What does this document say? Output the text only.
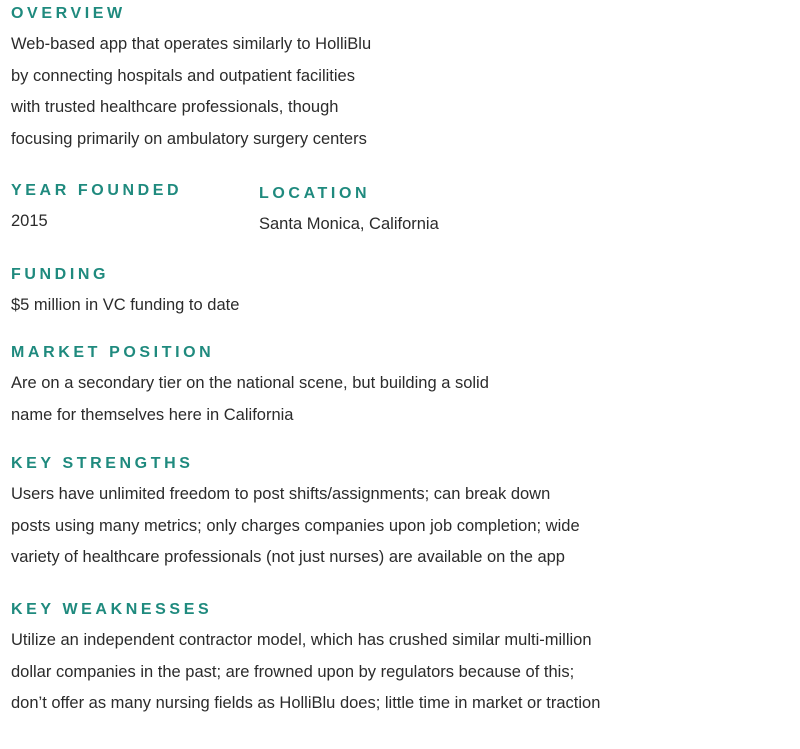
OVERVIEW
Web-based app that operates similarly to HolliBlu
by connecting hospitals and outpatient facilities
with trusted healthcare professionals, though
focusing primarily on ambulatory surgery centers
YEAR FOUNDED
2015
LOCATION
Santa Monica, California
FUNDING
$5 million in VC funding to date
MARKET POSITION
Are on a secondary tier on the national scene, but building a solid
name for themselves here in California
KEY STRENGTHS
Users have unlimited freedom to post shifts/assignments; can break down
posts using many metrics; only charges companies upon job completion; wide
variety of healthcare professionals (not just nurses) are available on the app
KEY WEAKNESSES
Utilize an independent contractor model, which has crushed similar multi-million
dollar companies in the past; are frowned upon by regulators because of this;
don’t offer as many nursing fields as HolliBlu does; little time in market or traction
